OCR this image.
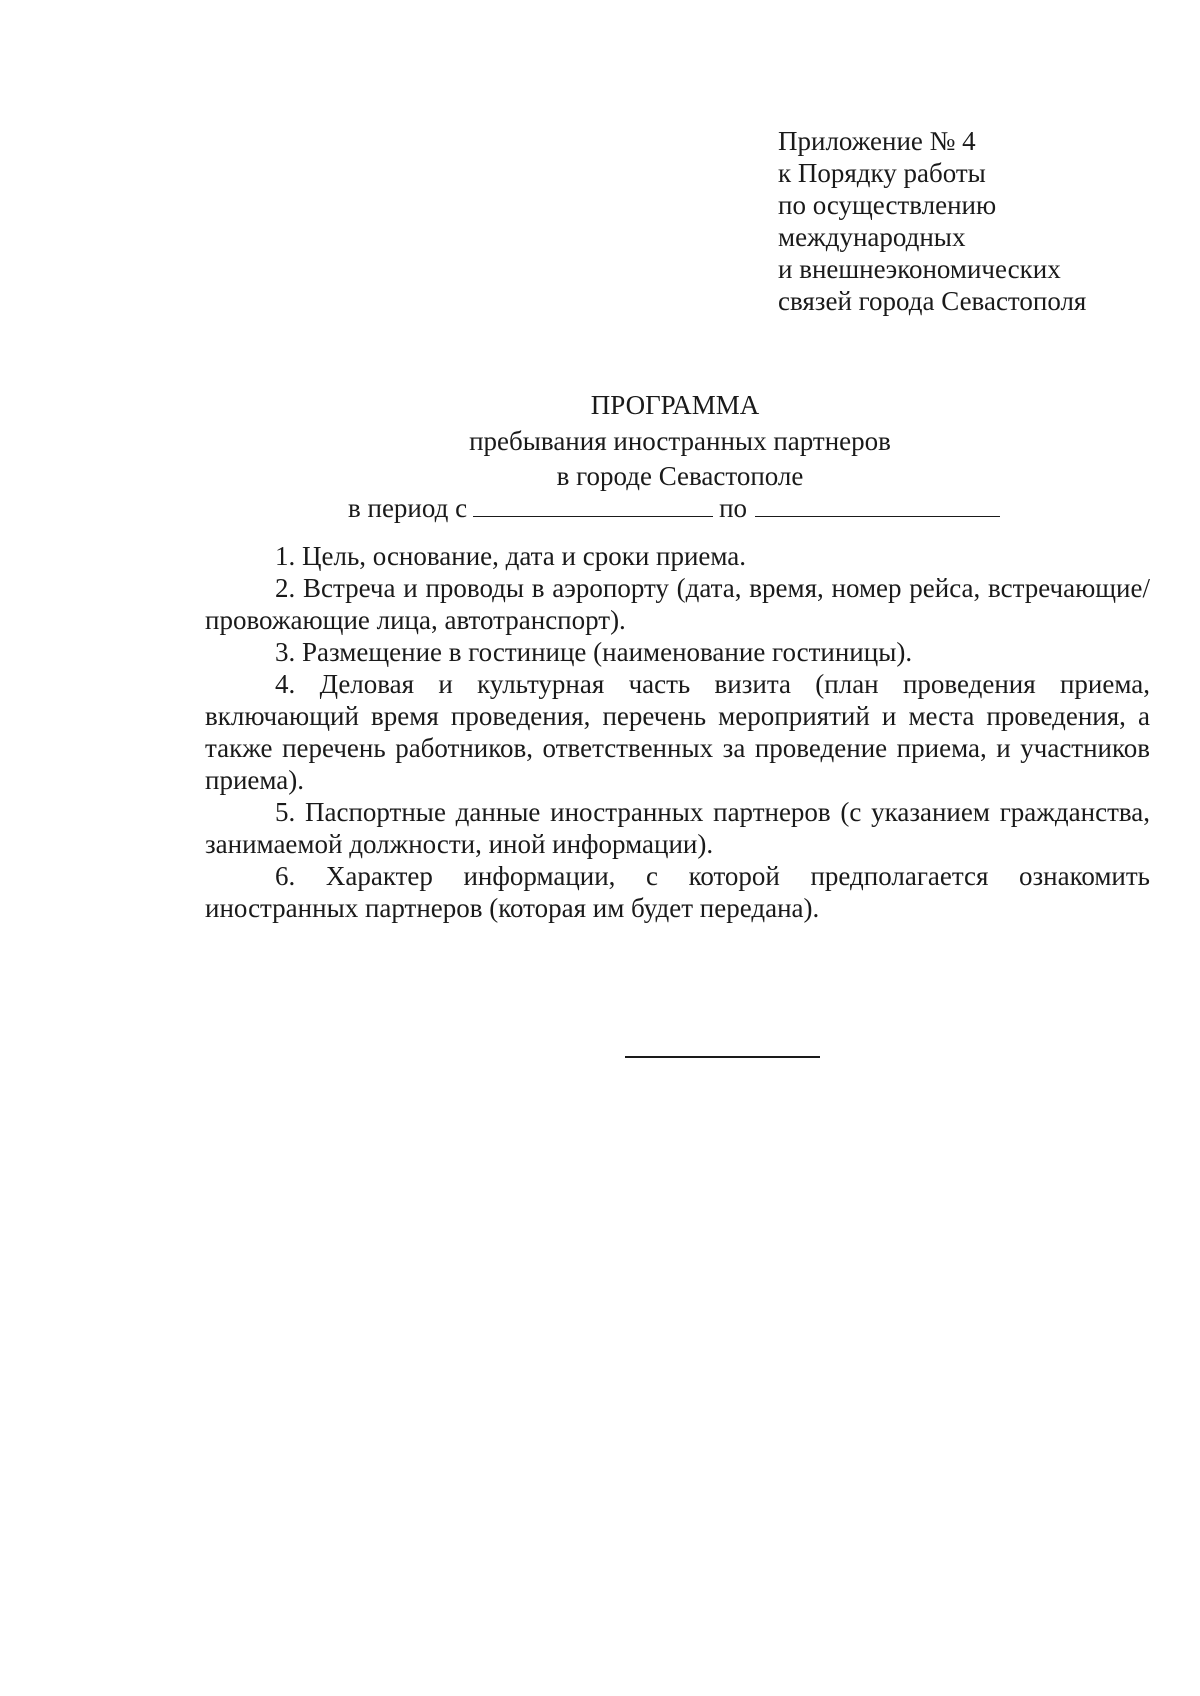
Приложение № 4
к Порядку работы
по осуществлению
международных
и внешнеэкономических
связей города Севастополя
ПРОГРАММА
пребывания иностранных партнеров
в городе Севастополе
в период с	по

1. Цель, основание, дата и сроки приема.

2. Встреча и проводы в аэропорту (дата, время, номер рейса, встречающие/провожающие лица, автотранспорт).

3. Размещение в гостинице (наименование гостиницы).

4. Деловая и культурная часть визита (план проведения приема, включающий время проведения, перечень мероприятий и места проведения, а также перечень работников, ответственных за проведение приема, и участников приема).

5. Паспортные данные иностранных партнеров (с указанием гражданства, занимаемой должности, иной информации).

6. Характер информации, с которой предполагается ознакомить иностранных партнеров (которая им будет передана).
